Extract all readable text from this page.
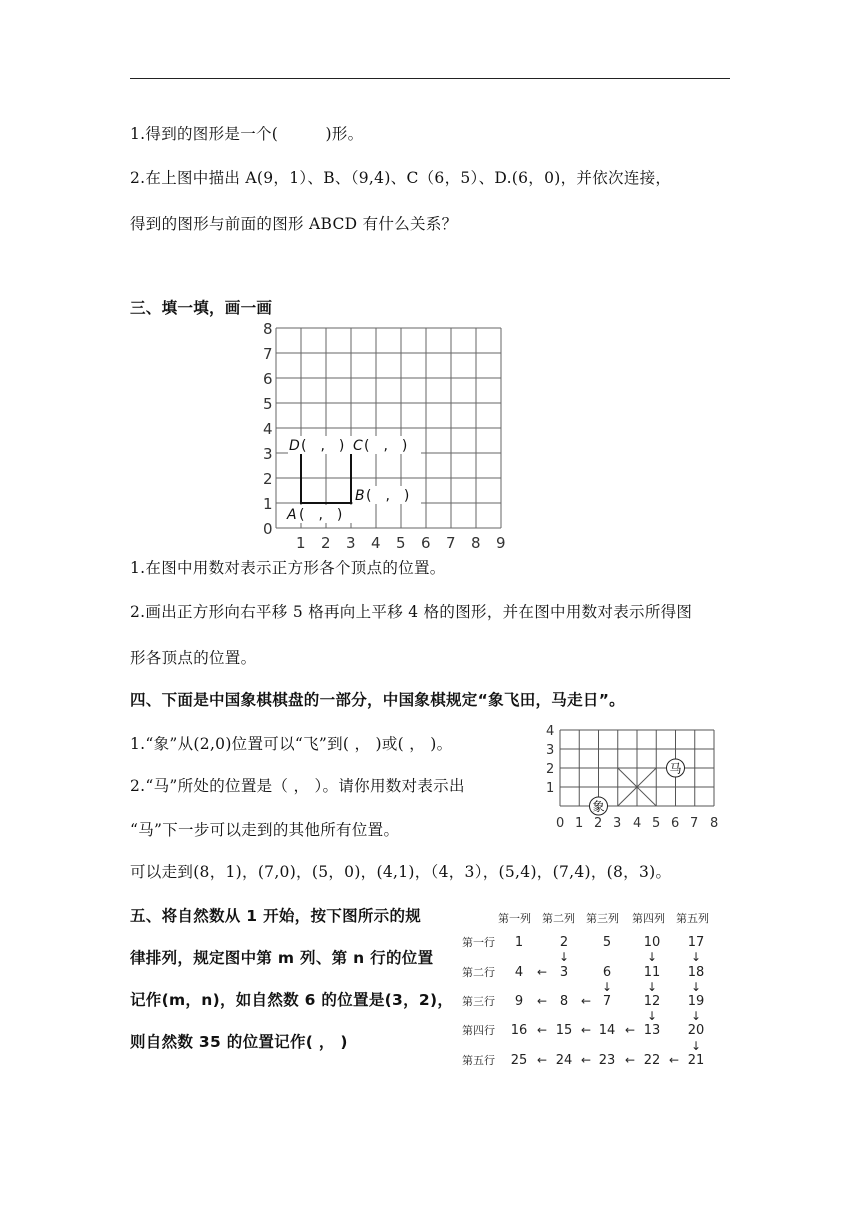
1.得到的图形是一个(　　　)形。
2.在上图中描出 A(9，1）、B、（9,4)、C（6，5）、D.(6，0)，并依次连接，
得到的图形与前面的图形 ABCD 有什么关系？
三、填一填，画一画
8
7
6
5
4
3
2
1
0
1 2 3 4 5 6 7 8 9
D (　,　) C (　,　)
B (　,　)
A (　,　)
1.在图中用数对表示正方形各个顶点的位置。
2.画出正方形向右平移 5 格再向上平移 4 格的图形，并在图中用数对表示所得图
形各顶点的位置。
四、下面是中国象棋棋盘的一部分，中国象棋规定“象飞田，马走日”。
1.“象”从(2,0)位置可以“飞”到( ， )或( ， )。
2.“马”所处的位置是（ ， ）。请你用数对表示出
“马”下一步可以走到的其他所有位置。
4
3
2
1
0 1 2 3 4 5 6 7 8
象
马
可以走到(8，1)，(7,0)，(5，0)，(4,1)，（4，3），(5,4)，(7,4)，(8，3)。
五、将自然数从 1 开始，按下图所示的规
律排列，规定图中第 m 列、第 n 行的位置
记作(m，n)，如自然数 6 的位置是(3，2)，
则自然数 35 的位置记作( ， )
第一列 第二列 第三列 第四列 第五列
第一行
第二行
第三行
第四行
第五行
1	2	5	10 17
4	3	6	11 18
9	8	7	12 19
16 15 14 13 20
25 24 23 22 21
↓
↓
↓
↓
↓
↓
↓
↓
↓
←
←	←
←	←	←
←	←	←	←
